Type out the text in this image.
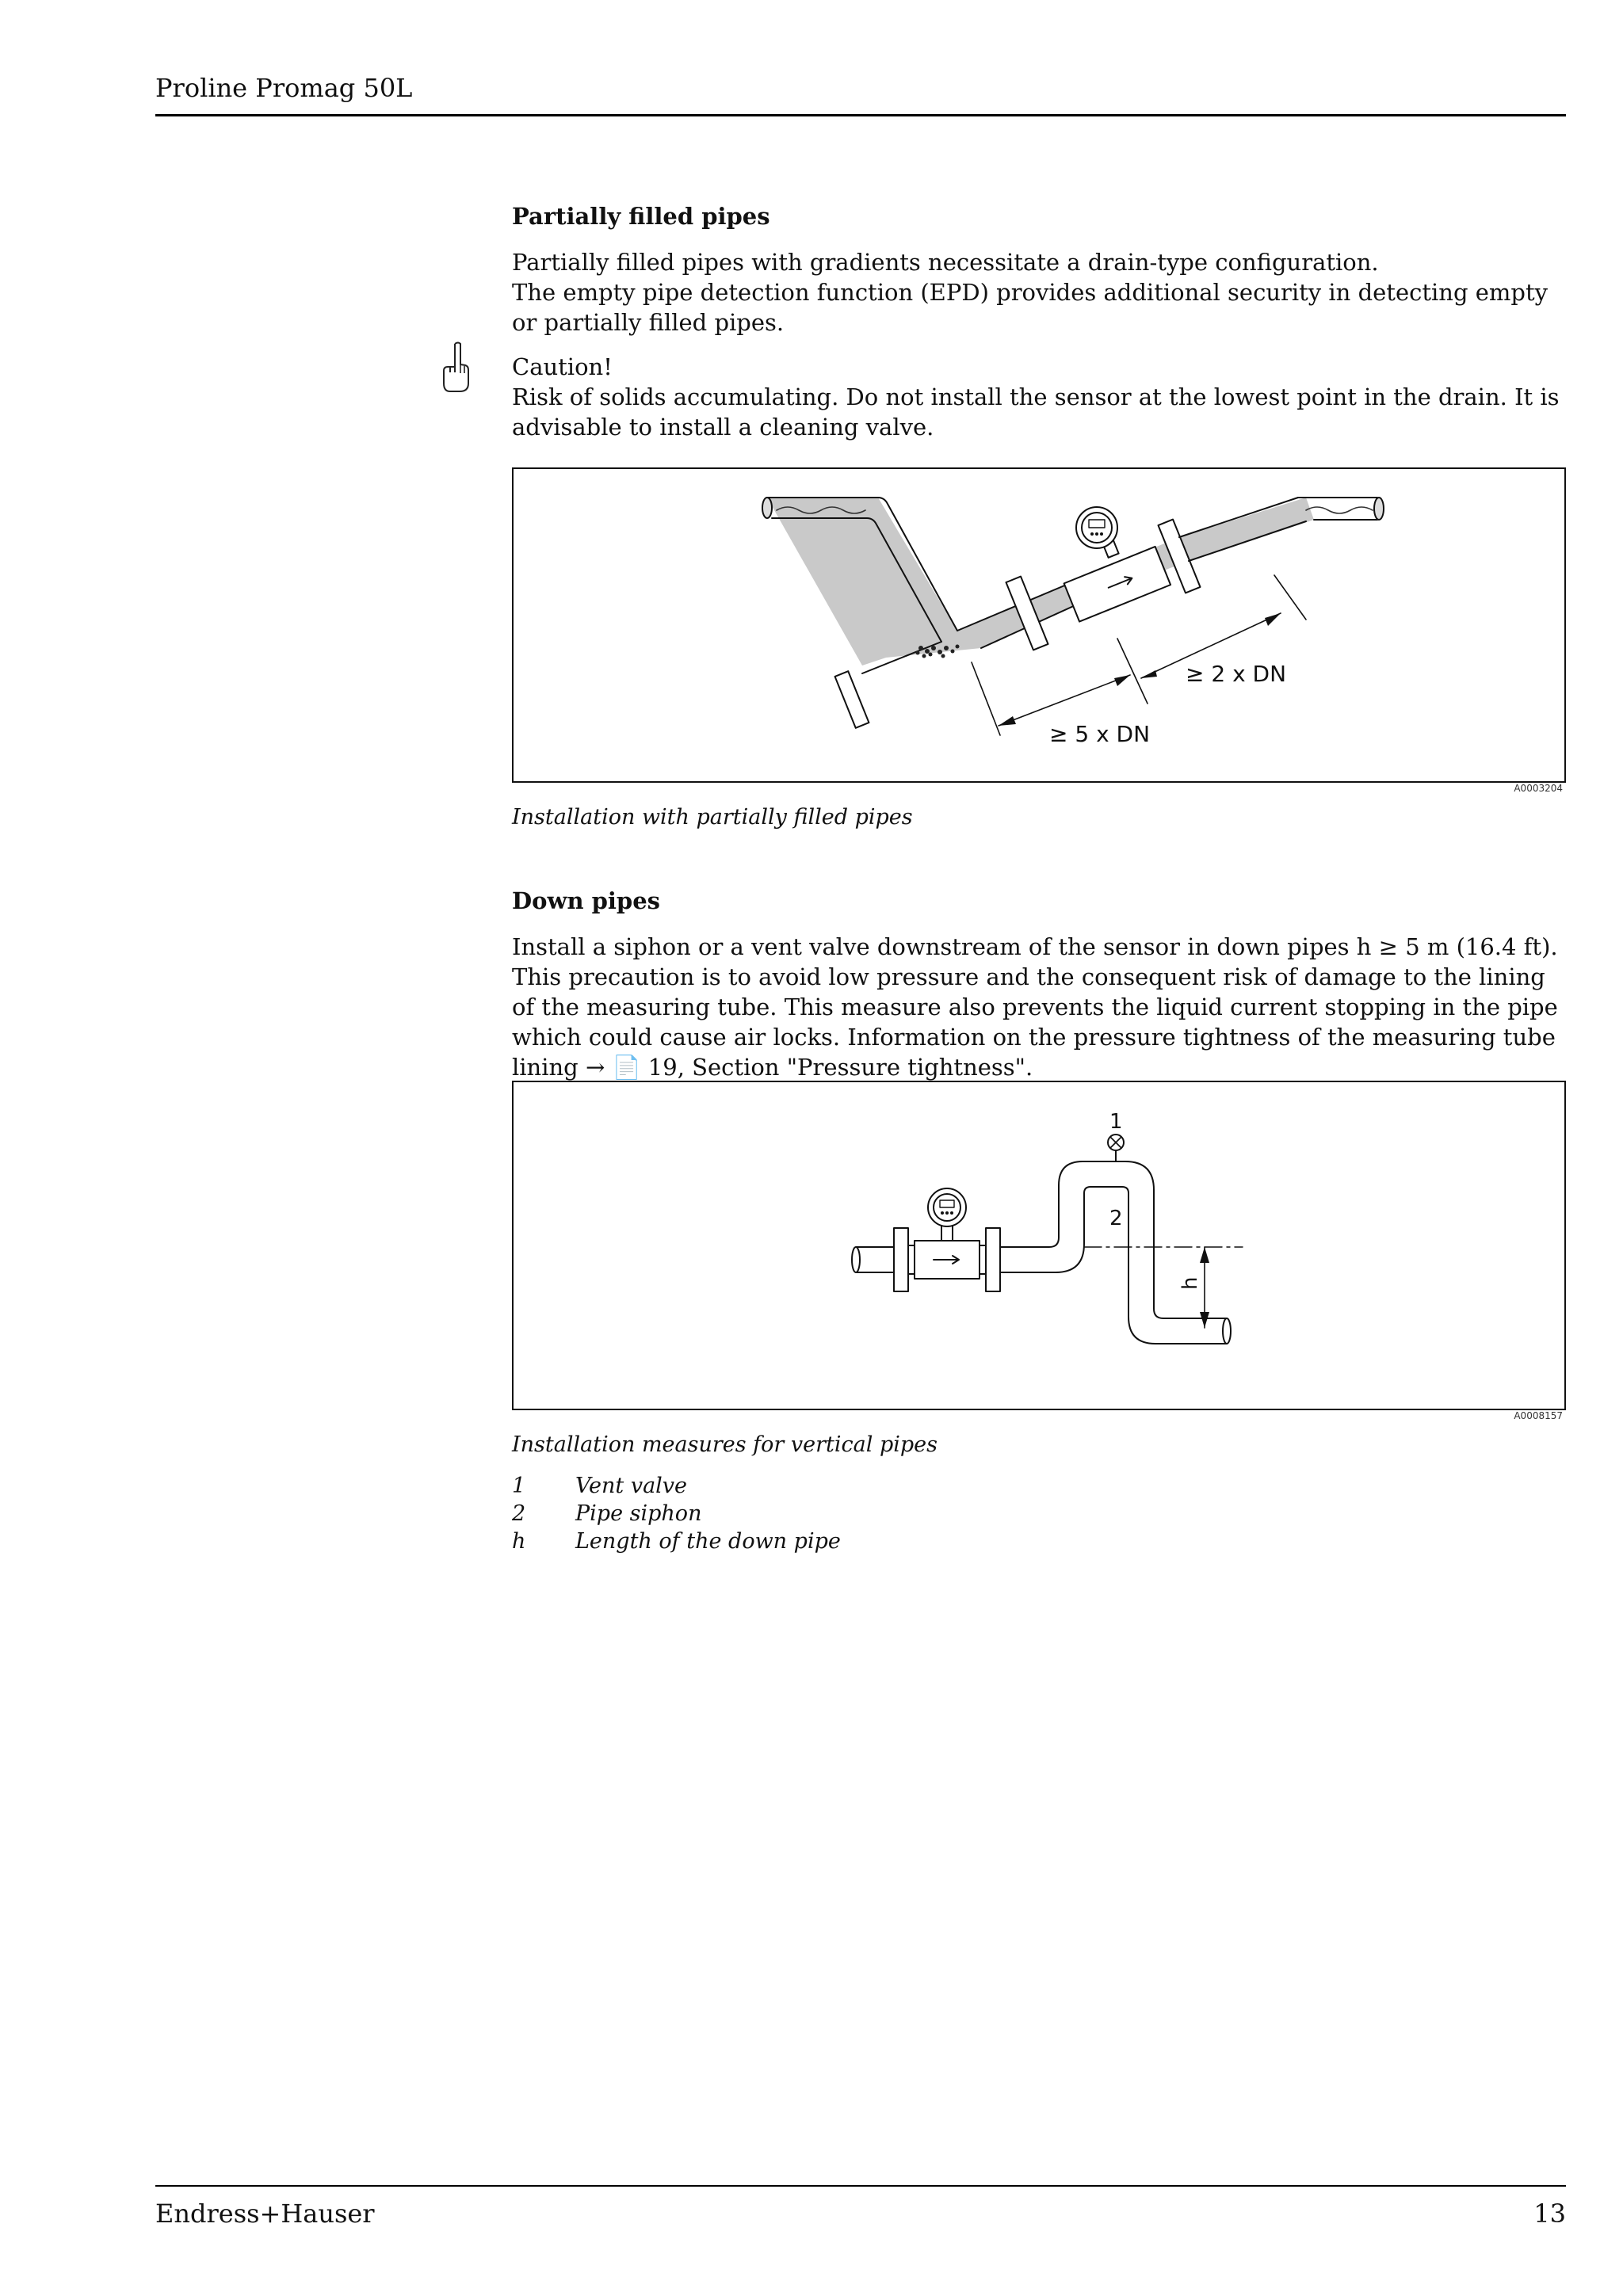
Proline Promag 50L
Partially filled pipes

Partially filled pipes with gradients necessitate a drain-type configuration.

The empty pipe detection function (EPD) provides additional security in detecting empty or partially filled pipes.

Caution!

Risk of solids accumulating. Do not install the sensor at the lowest point in the drain. It is advisable to install a cleaning valve.

≥ 2 x DN
≥ 5 x DN
A0003204
Installation with partially filled pipes
Down pipes

Install a siphon or a vent valve downstream of the sensor in down pipes h ≥ 5 m (16.4 ft). This precaution is to avoid low pressure and the consequent risk of damage to the lining of the measuring tube. This measure also prevents the liquid current stopping in the pipe which could cause air locks. Information on the pressure tightness of the measuring tube lining → 📄 19, Section "Pressure tightness".

1
2
h
A0008157
Installation measures for vertical pipes
1 Vent valve
2 Pipe siphon
h Length of the down pipe
Endress+Hauser	13
